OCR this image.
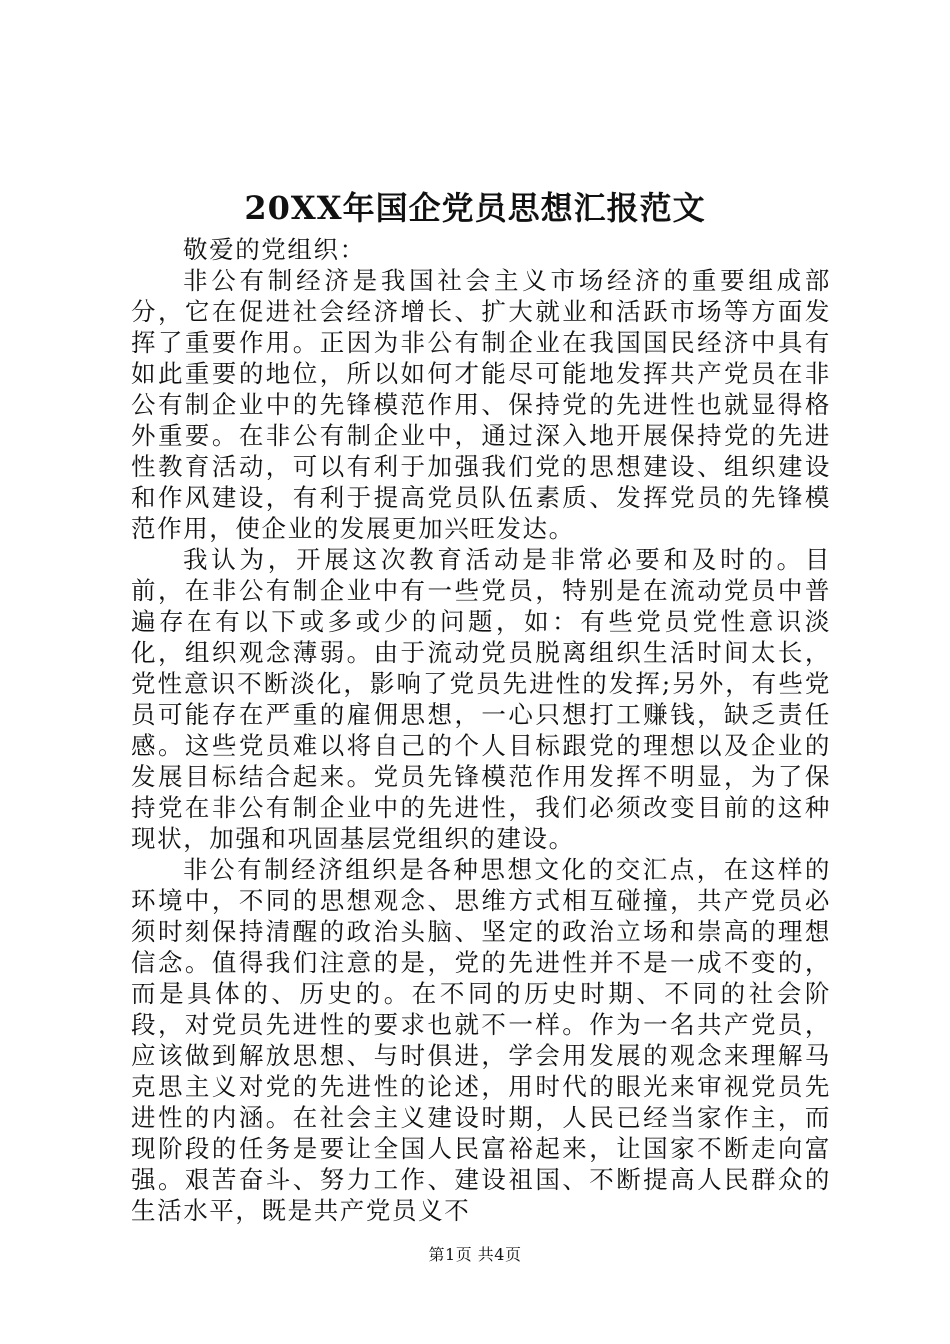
20XX年国企党员思想汇报范文

敬爱的党组织：

非公有制经济是我国社会主义市场经济的重要组成部分，它在促进社会经济增长、扩大就业和活跃市场等方面发挥了重要作用。正因为非公有制企业在我国国民经济中具有如此重要的地位，所以如何才能尽可能地发挥共产党员在非公有制企业中的先锋模范作用、保持党的先进性也就显得格外重要。在非公有制企业中，通过深入地开展保持党的先进性教育活动，可以有利于加强我们党的思想建设、组织建设和作风建设，有利于提高党员队伍素质、发挥党员的先锋模范作用，使企业的发展更加兴旺发达。

我认为，开展这次教育活动是非常必要和及时的。目前，在非公有制企业中有一些党员，特别是在流动党员中普遍存在有以下或多或少的问题，如：有些党员党性意识淡化，组织观念薄弱。由于流动党员脱离组织生活时间太长，党性意识不断淡化，影响了党员先进性的发挥;另外，有些党员可能存在严重的雇佣思想，一心只想打工赚钱，缺乏责任感。这些党员难以将自己的个人目标跟党的理想以及企业的发展目标结合起来。党员先锋模范作用发挥不明显，为了保持党在非公有制企业中的先进性，我们必须改变目前的这种现状，加强和巩固基层党组织的建设。

非公有制经济组织是各种思想文化的交汇点，在这样的环境中，不同的思想观念、思维方式相互碰撞，共产党员必须时刻保持清醒的政治头脑、坚定的政治立场和崇高的理想信念。值得我们注意的是，党的先进性并不是一成不变的，而是具体的、历史的。在不同的历史时期、不同的社会阶段，对党员先进性的要求也就不一样。作为一名共产党员，应该做到解放思想、与时俱进，学会用发展的观念来理解马克思主义对党的先进性的论述，用时代的眼光来审视党员先进性的内涵。在社会主义建设时期，人民已经当家作主，而现阶段的任务是要让全国人民富裕起来，让国家不断走向富强。艰苦奋斗、努力工作、建设祖国、不断提高人民群众的生活水平，既是共产党员义不

第1页 共4页
